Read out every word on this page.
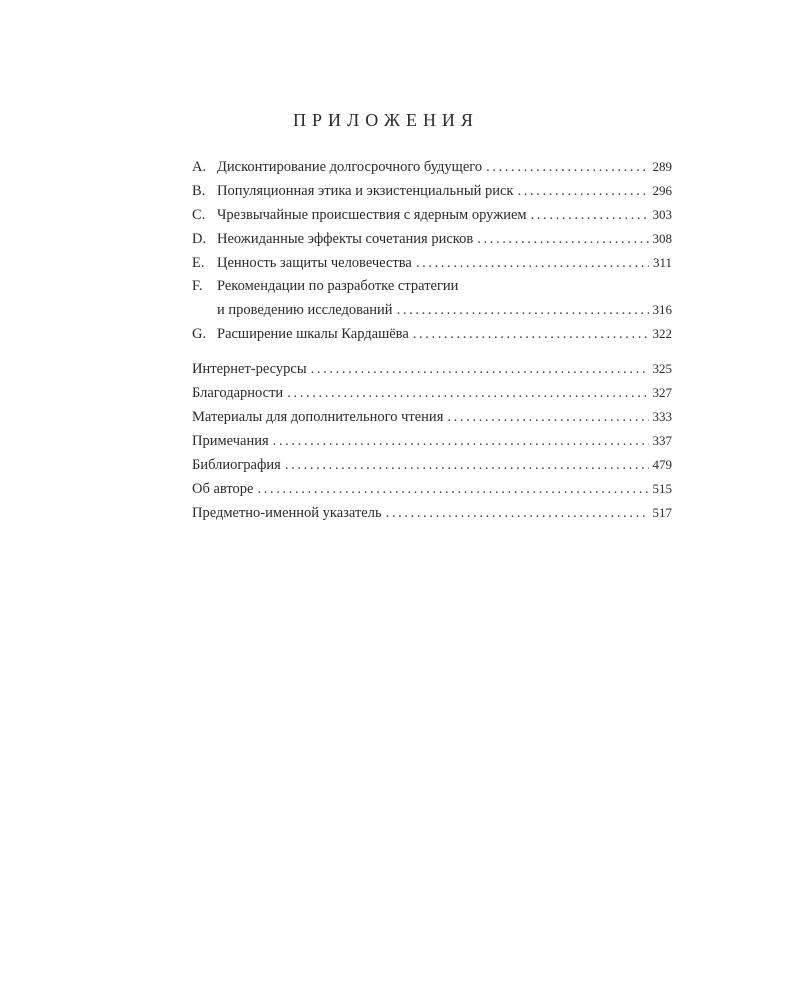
ПРИЛОЖЕНИЯ
A. Дисконтирование долгосрочного будущего . . .	289
B. Популяционная этика и экзистенциальный риск . . .	296
C. Чрезвычайные происшествия с ядерным оружием . . .	303
D. Неожиданные эффекты сочетания рисков . . .	308
E. Ценность защиты человечества . . .	311
F. Рекомендации по разработке стратегии
и проведению исследований . . .	316
G. Расширение шкалы Кардашёва . . .	322
Интернет-ресурсы . . .	325
Благодарности . . .	327
Материалы для дополнительного чтения . . .	333
Примечания . . .	337
Библиография . . .	479
Об авторе . . .	515
Предметно-именной указатель . . .	517
